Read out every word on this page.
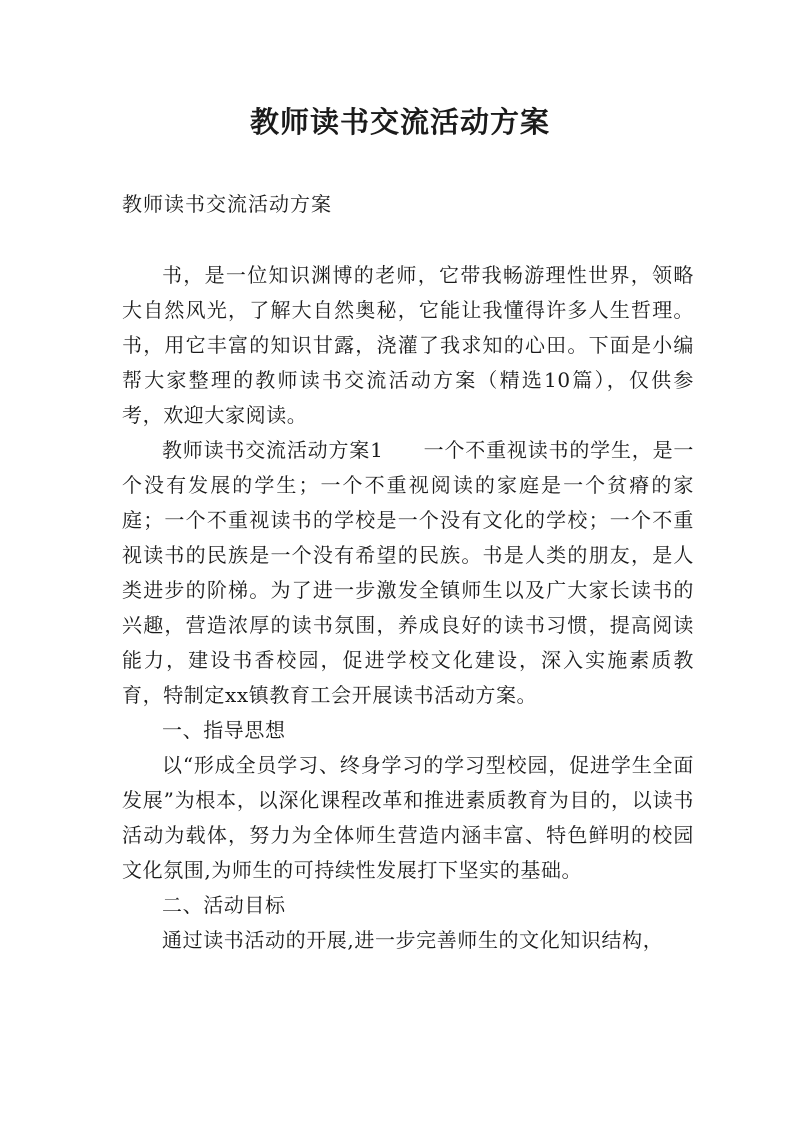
教师读书交流活动方案

教师读书交流活动方案

书，是一位知识渊博的老师，它带我畅游理性世界，领略大自然风光，了解大自然奥秘，它能让我懂得许多人生哲理。书，用它丰富的知识甘露，浇灌了我求知的心田。下面是小编帮大家整理的教师读书交流活动方案（精选10篇），仅供参考，欢迎大家阅读。

教师读书交流活动方案1 一个不重视读书的学生，是一个没有发展的学生；一个不重视阅读的家庭是一个贫瘠的家庭；一个不重视读书的学校是一个没有文化的学校；一个不重视读书的民族是一个没有希望的民族。书是人类的朋友，是人类进步的阶梯。为了进一步激发全镇师生以及广大家长读书的兴趣，营造浓厚的读书氛围，养成良好的读书习惯，提高阅读能力，建设书香校园，促进学校文化建设，深入实施素质教育，特制定xx镇教育工会开展读书活动方案。

一、指导思想

以“形成全员学习、终身学习的学习型校园，促进学生全面发展”为根本，以深化课程改革和推进素质教育为目的，以读书活动为载体，努力为全体师生营造内涵丰富、特色鲜明的校园文化氛围,为师生的可持续性发展打下坚实的基础。

二、活动目标

通过读书活动的开展,进一步完善师生的文化知识结构，
